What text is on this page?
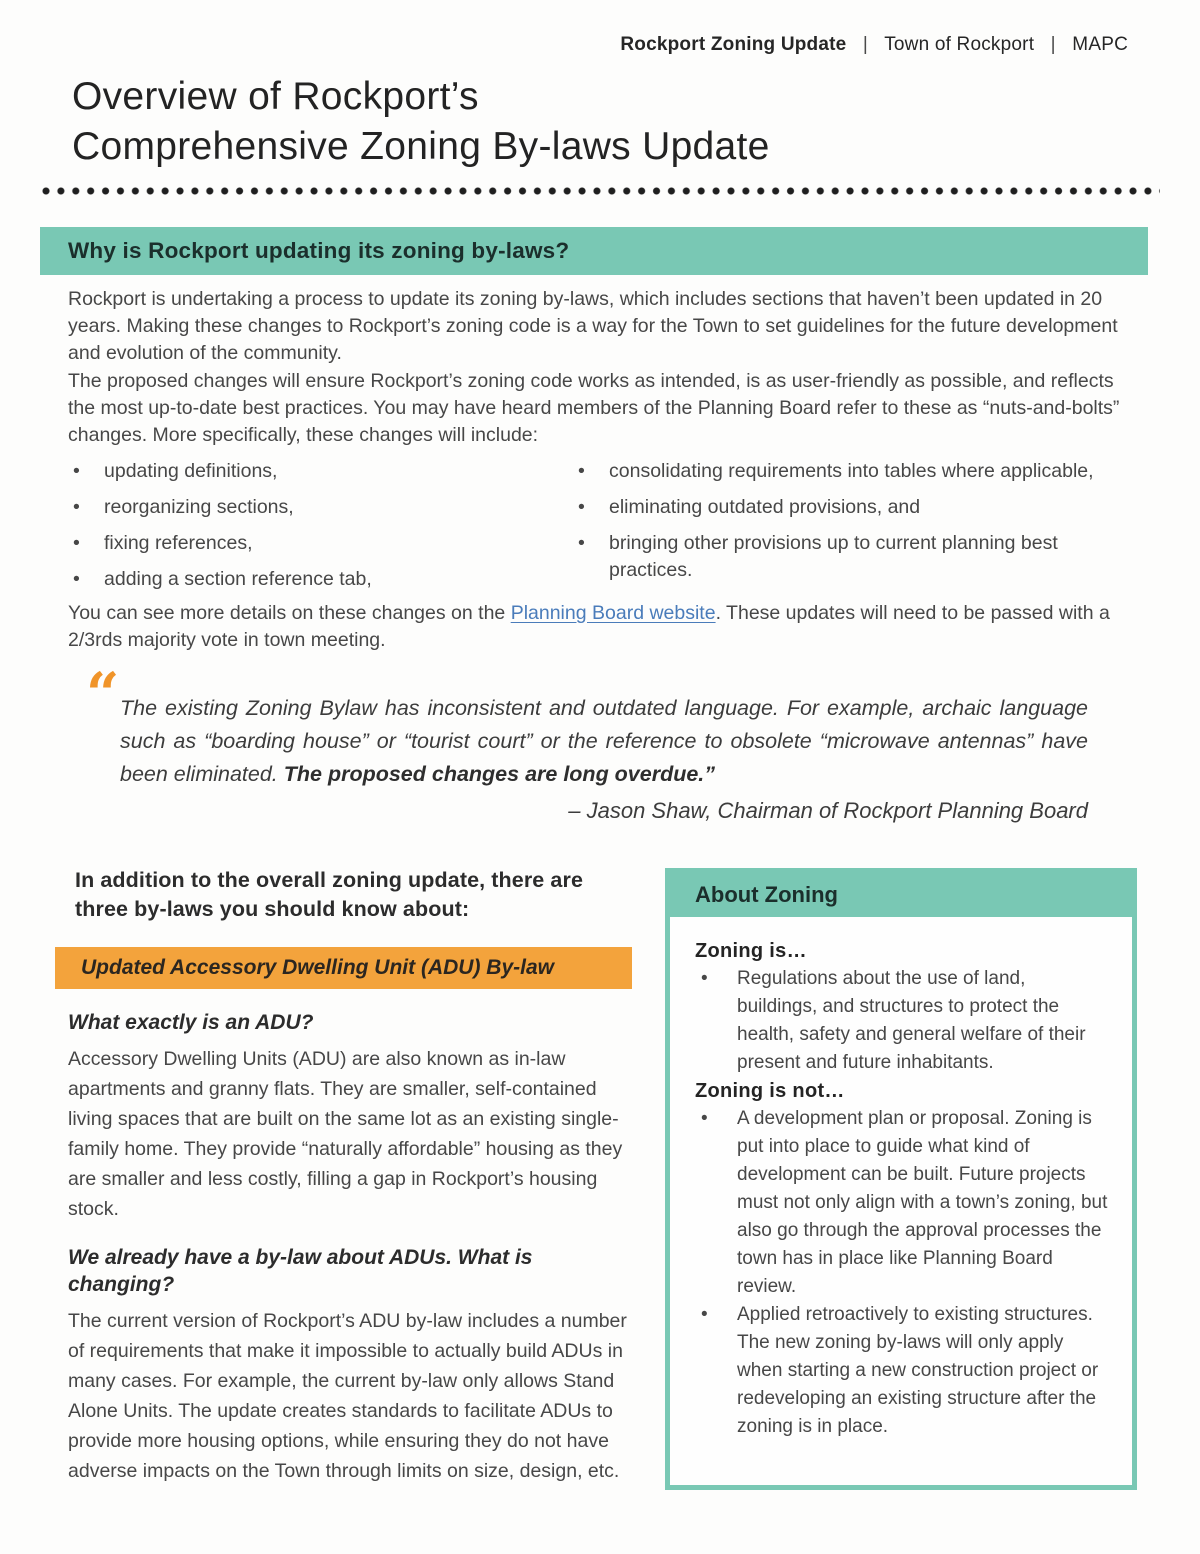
Rockport Zoning Update | Town of Rockport | MAPC
Overview of Rockport’s
Comprehensive Zoning By-laws Update
Why is Rockport updating its zoning by-laws?
Rockport is undertaking a process to update its zoning by-laws, which includes sections that haven’t been updated in 20 years. Making these changes to Rockport’s zoning code is a way for the Town to set guidelines for the future development and evolution of the community.
The proposed changes will ensure Rockport’s zoning code works as intended, is as user-friendly as possible, and reflects the most up-to-date best practices. You may have heard members of the Planning Board refer to these as “nuts-and-bolts” changes. More specifically, these changes will include:
• updating definitions,
• reorganizing sections,
• fixing references,
• adding a section reference tab,
• consolidating requirements into tables where applicable,
• eliminating outdated provisions, and
• bringing other provisions up to current planning best practices.
You can see more details on these changes on the Planning Board website. These updates will need to be passed with a 2/3rds majority vote in town meeting.
“ The existing Zoning Bylaw has inconsistent and outdated language. For example, archaic language such as “boarding house” or “tourist court” or the reference to obsolete “microwave antennas” have been eliminated. The proposed changes are long overdue.”
– Jason Shaw, Chairman of Rockport Planning Board
In addition to the overall zoning update, there are three by-laws you should know about:
Updated Accessory Dwelling Unit (ADU) By-law
What exactly is an ADU?

Accessory Dwelling Units (ADU) are also known as in-law apartments and granny flats. They are smaller, self-contained living spaces that are built on the same lot as an existing single-family home. They provide “naturally affordable” housing as they are smaller and less costly, filling a gap in Rockport’s housing stock.

We already have a by-law about ADUs. What is changing?

The current version of Rockport’s ADU by-law includes a number of requirements that make it impossible to actually build ADUs in many cases. For example, the current by-law only allows Stand Alone Units. The update creates standards to facilitate ADUs to provide more housing options, while ensuring they do not have adverse impacts on the Town through limits on size, design, etc.

About Zoning
Zoning is…
• Regulations about the use of land, buildings, and structures to protect the health, safety and general welfare of their present and future inhabitants.
Zoning is not…
• A development plan or proposal. Zoning is put into place to guide what kind of development can be built. Future projects must not only align with a town’s zoning, but also go through the approval processes the town has in place like Planning Board review.
• Applied retroactively to existing structures. The new zoning by-laws will only apply when starting a new construction project or redeveloping an existing structure after the zoning is in place.
